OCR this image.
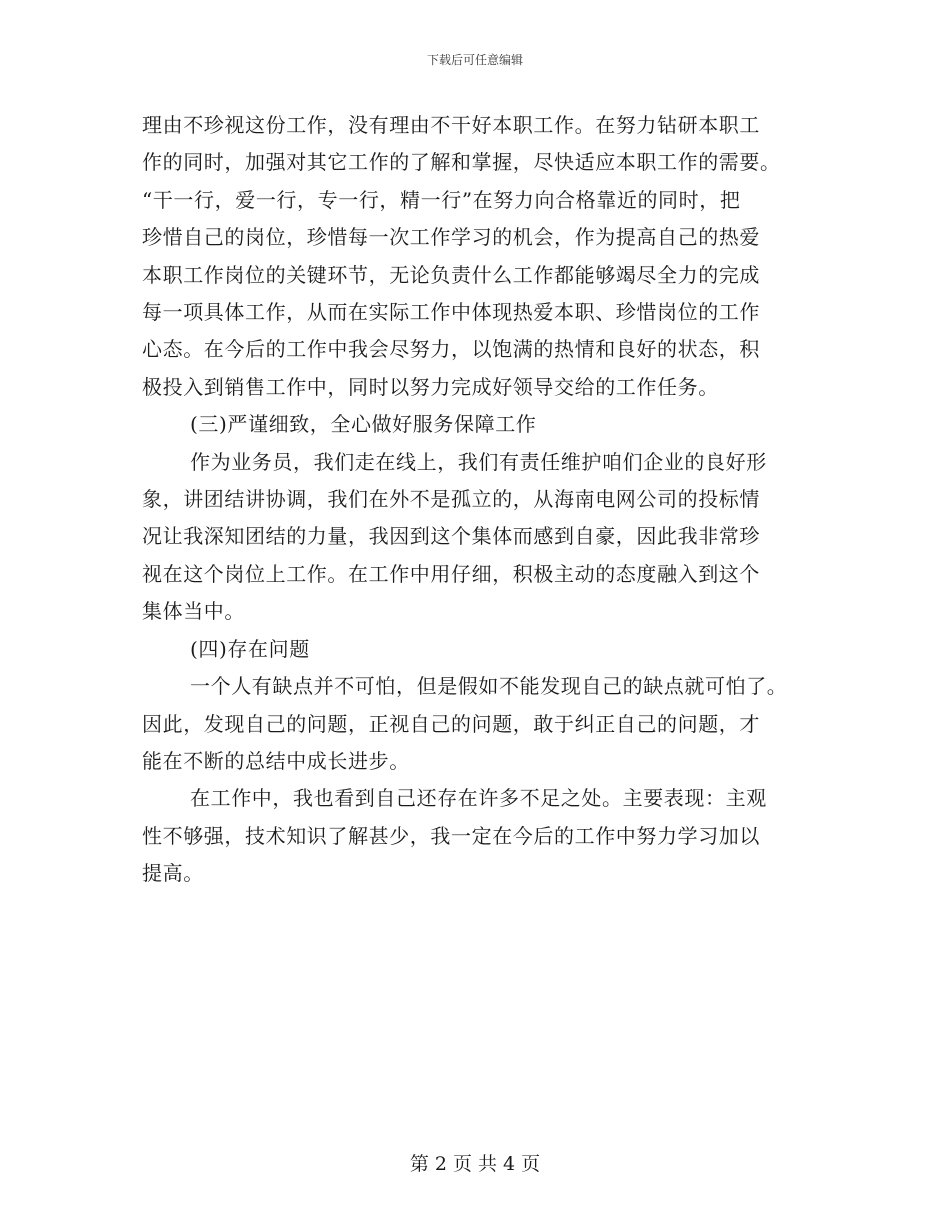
下载后可任意编辑
理由不珍视这份工作，没有理由不干好本职工作。在努力钻研本职工
作的同时，加强对其它工作的了解和掌握，尽快适应本职工作的需要。
“干一行，爱一行，专一行，精一行”在努力向合格靠近的同时，把
珍惜自己的岗位，珍惜每一次工作学习的机会，作为提高自己的热爱
本职工作岗位的关键环节，无论负责什么工作都能够竭尽全力的完成
每一项具体工作，从而在实际工作中体现热爱本职、珍惜岗位的工作
心态。在今后的工作中我会尽努力，以饱满的热情和良好的状态，积
极投入到销售工作中，同时以努力完成好领导交给的工作任务。
(三)严谨细致，全心做好服务保障工作
作为业务员，我们走在线上，我们有责任维护咱们企业的良好形
象，讲团结讲协调，我们在外不是孤立的，从海南电网公司的投标情
况让我深知团结的力量，我因到这个集体而感到自豪，因此我非常珍
视在这个岗位上工作。在工作中用仔细，积极主动的态度融入到这个
集体当中。
(四)存在问题
一个人有缺点并不可怕，但是假如不能发现自己的缺点就可怕了。
因此，发现自己的问题，正视自己的问题，敢于纠正自己的问题，才
能在不断的总结中成长进步。
在工作中，我也看到自己还存在许多不足之处。主要表现：主观
性不够强，技术知识了解甚少，我一定在今后的工作中努力学习加以
提高。
第 2 页 共 4 页
